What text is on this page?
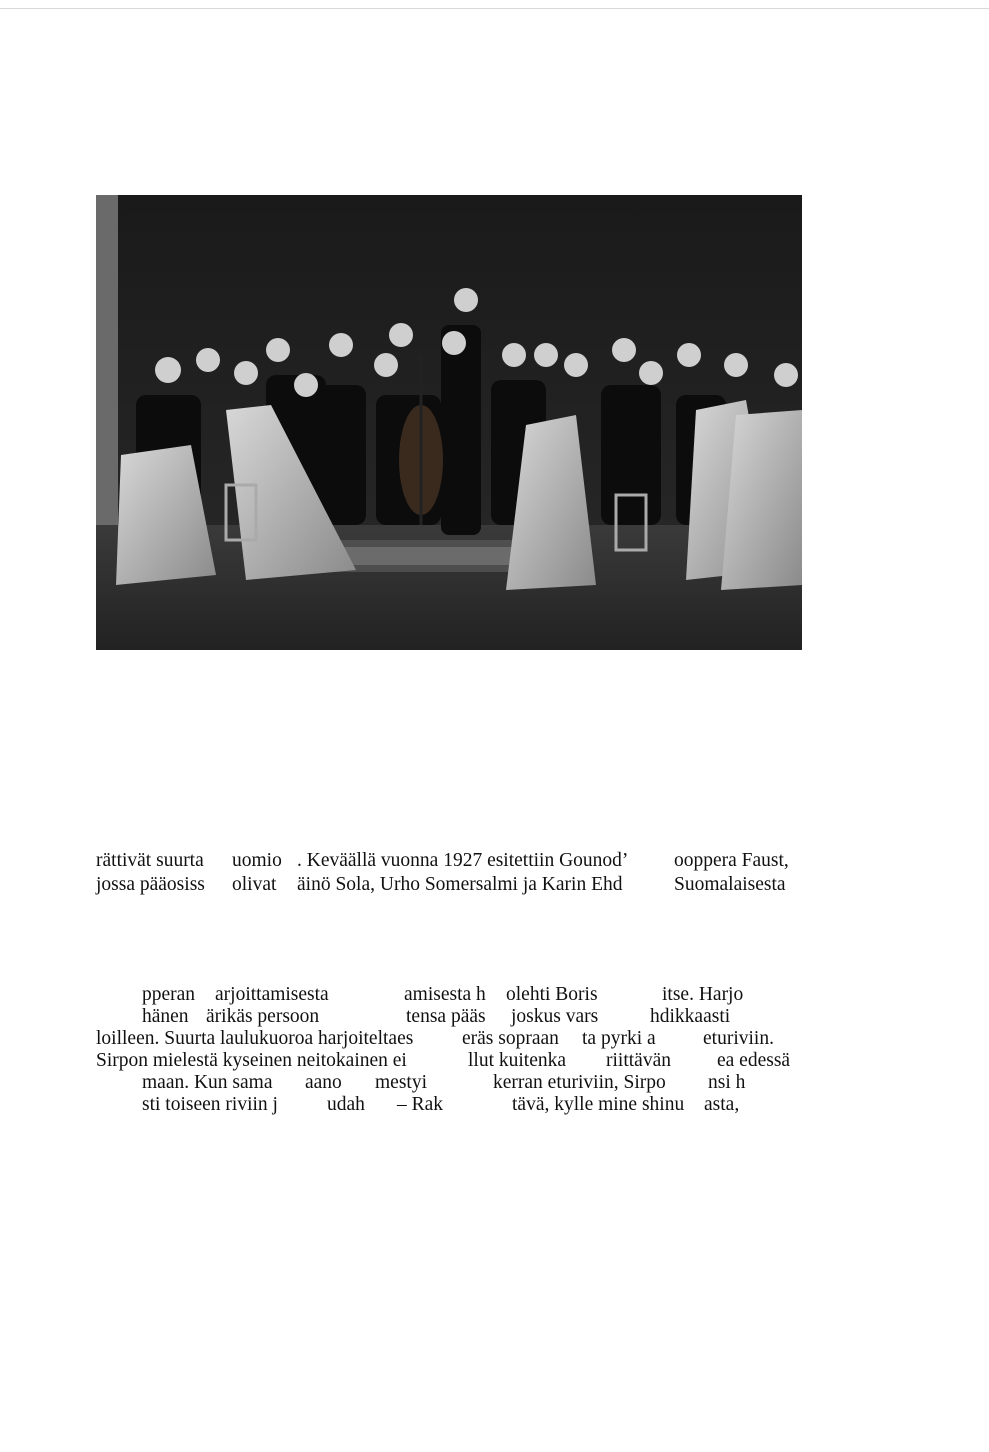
rättivät suurta uomio . Keväällä vuonna 1927 esitettiin Gounod’ ooppera Faust,
jossa pääosiss olivat äinö Sola, Urho Somersalmi ja Karin Ehd	Suomalaisesta
pperan arjoittamisesta	amisesta h olehti Boris	itse. Harjo
hänen ärikäs persoon	tensa pääs joskus vars	hdikkaasti
loilleen. Suurta laulukuoroa harjoiteltaes eräs sopraan ta pyrki a eturiviin.
Sirpon mielestä kyseinen neitokainen ei	llut kuitenka riittävän ea edessä
maan. Kun sama aano mestyi	kerran eturiviin, Sirpo nsi h
sti toiseen riviin j	udah – Rak	tävä, kylle mine shinu asta,
